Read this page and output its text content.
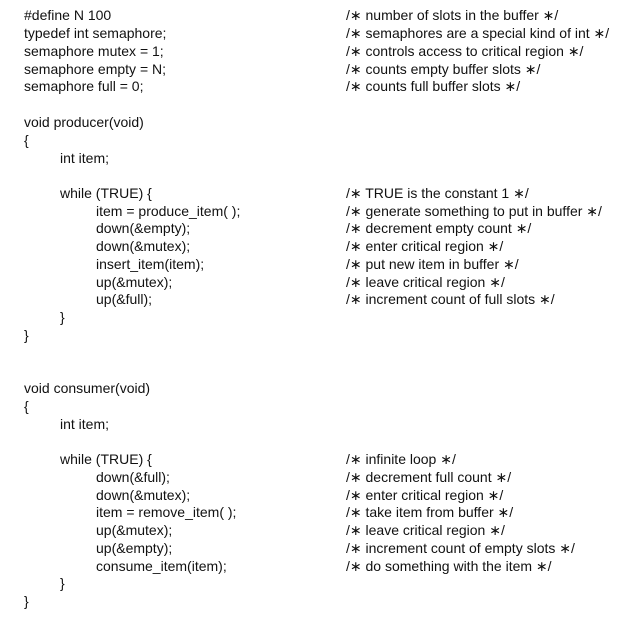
#define N 100	/∗ number of slots in the buffer ∗/
typedef int semaphore;	/∗ semaphores are a special kind of int ∗/
semaphore mutex = 1;	/∗ controls access to critical region ∗/
semaphore empty = N;	/∗ counts empty buffer slots ∗/
semaphore full = 0;	/∗ counts full buffer slots ∗/
void producer(void)
{
int item;
while (TRUE) {	/∗ TRUE is the constant 1 ∗/
item = produce_item( );	/∗ generate something to put in buffer ∗/
down(&empty);	/∗ decrement empty count ∗/
down(&mutex);	/∗ enter critical region ∗/
insert_item(item);	/∗ put new item in buffer ∗/
up(&mutex);	/∗ leave critical region ∗/
up(&full);	/∗ increment count of full slots ∗/
}
}
void consumer(void)
{
int item;
while (TRUE) {	/∗ infinite loop ∗/
down(&full);	/∗ decrement full count ∗/
down(&mutex);	/∗ enter critical region ∗/
item = remove_item( );	/∗ take item from buffer ∗/
up(&mutex);	/∗ leave critical region ∗/
up(&empty);	/∗ increment count of empty slots ∗/
consume_item(item);	/∗ do something with the item ∗/
}
}
